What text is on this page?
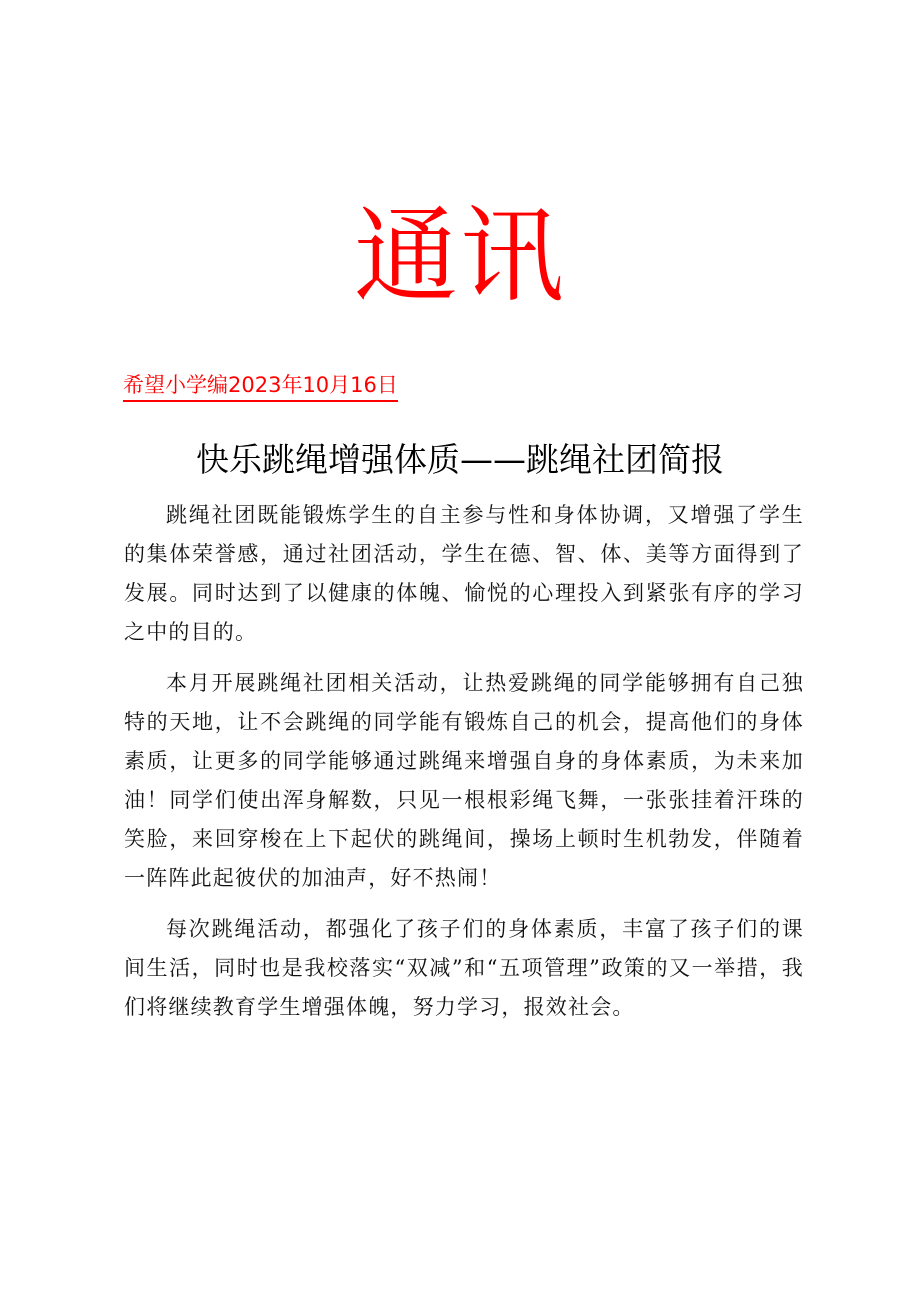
通讯
希望小学编2023年10月16日
快乐跳绳增强体质——跳绳社团简报

跳绳社团既能锻炼学生的自主参与性和身体协调，又增强了学生的集体荣誉感，通过社团活动，学生在德、智、体、美等方面得到了发展。同时达到了以健康的体魄、愉悦的心理投入到紧张有序的学习之中的目的。

本月开展跳绳社团相关活动，让热爱跳绳的同学能够拥有自己独特的天地，让不会跳绳的同学能有锻炼自己的机会，提高他们的身体素质，让更多的同学能够通过跳绳来增强自身的身体素质，为未来加油！同学们使出浑身解数，只见一根根彩绳飞舞，一张张挂着汗珠的笑脸，来回穿梭在上下起伏的跳绳间，操场上顿时生机勃发，伴随着一阵阵此起彼伏的加油声，好不热闹！

每次跳绳活动，都强化了孩子们的身体素质，丰富了孩子们的课间生活，同时也是我校落实“双减”和“五项管理”政策的又一举措，我们将继续教育学生增强体魄，努力学习，报效社会。
